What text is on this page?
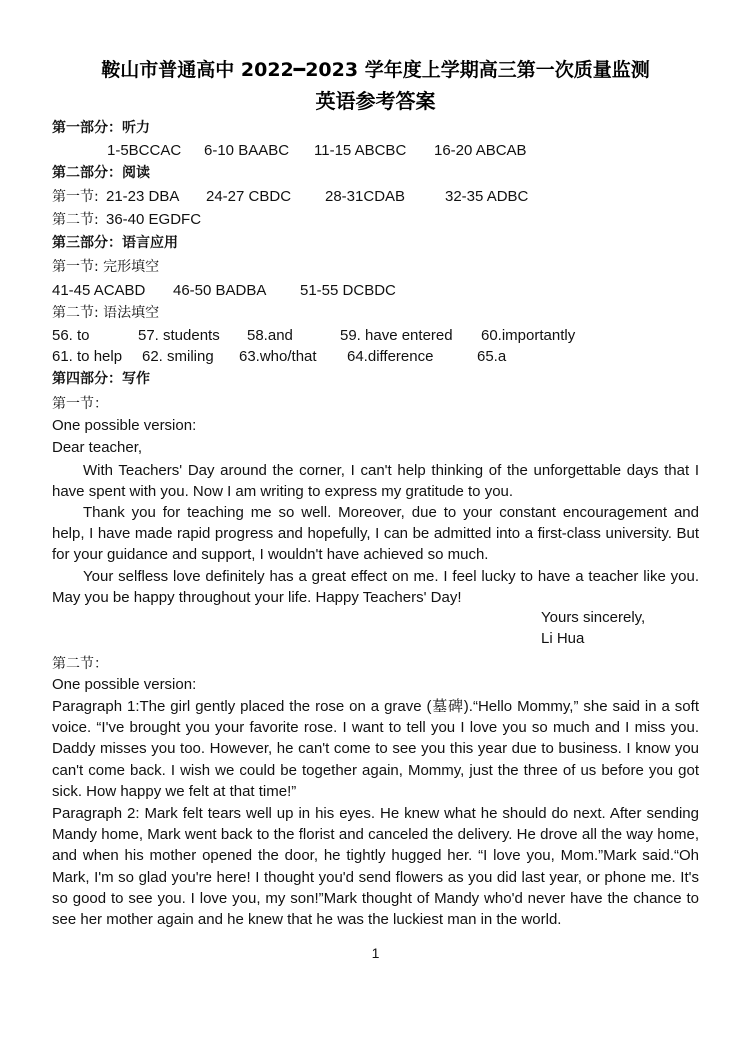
鞍山市普通高中 2022━2023 学年度上学期高三第一次质量监测
英语参考答案
第一部分：听力
1-5BCCAC 6-10 BAABC 11-15 ABCBC 16-20 ABCAB
第二部分：阅读
第一节: 21-23 DBA 24-27 CBDC 28-31CDAB	32-35 ADBC
第二节: 36-40 EGDFC
第三部分：语言应用
第一节: 完形填空
41-45 ACABD 46-50 BADBA 51-55 DCBDC
第二节: 语法填空
56. to	57. students 58.and	59. have entered 60.importantly
61. to help 62. smiling 63.who/that 64.difference	65.a
第四部分：写作
第一节：
One possible version:
Dear teacher,
With Teachers' Day around the corner, I can't help thinking of the unforgettable days that I have spent with you. Now I am writing to express my gratitude to you.
Thank you for teaching me so well. Moreover, due to your constant encouragement and help, I have made rapid progress and hopefully, I can be admitted into a first-class university. But for your guidance and support, I wouldn't have achieved so much.
Your selfless love definitely has a great effect on me. I feel lucky to have a teacher like you. May you be happy throughout your life. Happy Teachers' Day!
Yours sincerely,
Li Hua
第二节：
One possible version:
Paragraph 1:The girl gently placed the rose on a grave (墓碑).“Hello Mommy,” she said in a soft voice. “I've brought you your favorite rose. I want to tell you I love you so much and I miss you. Daddy misses you too. However, he can't come to see you this year due to business. I know you can't come back. I wish we could be together again, Mommy, just the three of us before you got sick. How happy we felt at that time!”
Paragraph 2: Mark felt tears well up in his eyes. He knew what he should do next. After sending Mandy home, Mark went back to the florist and canceled the delivery. He drove all the way home, and when his mother opened the door, he tightly hugged her. “I love you, Mom.”Mark said.“Oh Mark, I'm so glad you're here! I thought you'd send flowers as you did last year, or phone me. It's so good to see you. I love you, my son!”Mark thought of Mandy who'd never have the chance to see her mother again and he knew that he was the luckiest man in the world.
1
